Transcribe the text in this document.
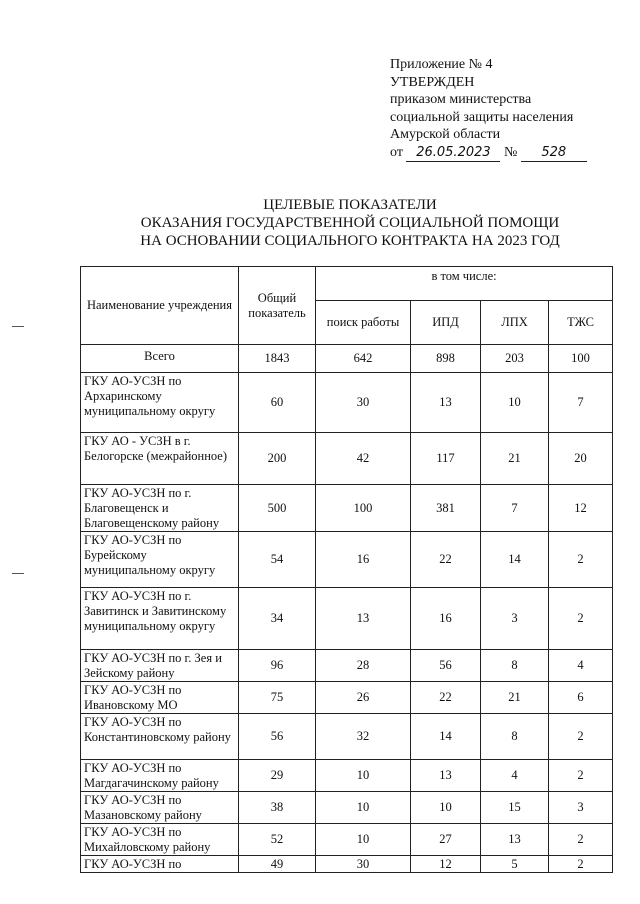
Приложение № 4
УТВЕРЖДЕН
приказом министерства
социальной защиты населения
Амурской области
от 26.05.2023 № 528
ЦЕЛЕВЫЕ ПОКАЗАТЕЛИ
ОКАЗАНИЯ ГОСУДАРСТВЕННОЙ СОЦИАЛЬНОЙ ПОМОЩИ
НА ОСНОВАНИИ СОЦИАЛЬНОГО КОНТРАКТА НА 2023 ГОД
Наименование учреждения	Общий показатель	в том числе:			
		поиск работы	ИПД	ЛПХ	ТЖС
Всего	1843	642	898	203	100
ГКУ АО-УСЗН по Архаринскому муниципальному округу	60	30	13	10	7
ГКУ АО - УСЗН в г. Белогорске (межрайонное)	200	42	117	21	20
ГКУ АО-УСЗН по г. Благовещенск и Благовещенскому району	500	100	381	7	12
ГКУ АО-УСЗН по Бурейскому муниципальному округу	54	16	22	14	2
ГКУ АО-УСЗН по г. Завитинск и Завитинскому муниципальному округу	34	13	16	3	2
ГКУ АО-УСЗН по г. Зея и Зейскому району	96	28	56	8	4
ГКУ АО-УСЗН по Ивановскому МО	75	26	22	21	6
ГКУ АО-УСЗН по Константиновскому району	56	32	14	8	2
ГКУ АО-УСЗН по Магдагачинскому району	29	10	13	4	2
ГКУ АО-УСЗН по Мазановскому району	38	10	10	15	3
ГКУ АО-УСЗН по Михайловскому району	52	10	27	13	2
ГКУ АО-УСЗН по	49	30	12	5	2
